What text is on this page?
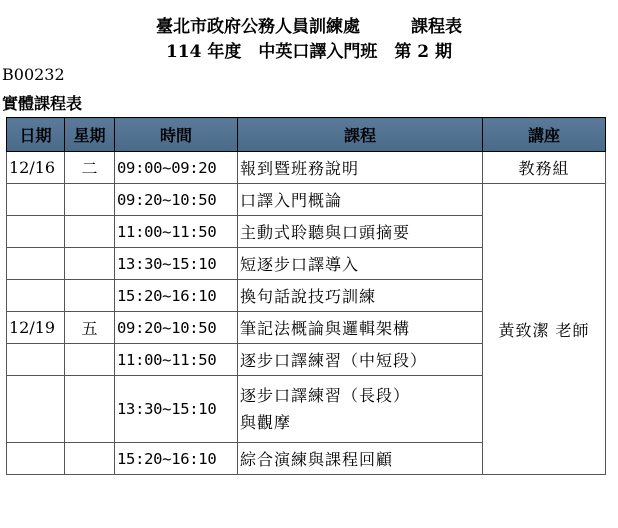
臺北市政府公務人員訓練處　　　課程表
114 年度　中英口譯入門班　第 2 期
B00232
實體課程表
日期	星期	時間	課程	講座
12/16	二	09:00~09:20	報到暨班務說明	教務組
		09:20~10:50	口譯入門概論	黃致潔 老師

		11:00~11:50	主動式聆聽與口頭摘要	
		13:30~15:10	短逐步口譯導入	
		15:20~16:10	換句話說技巧訓練	
12/19	五	09:20~10:50	筆記法概論與邏輯架構	
		11:00~11:50	逐步口譯練習（中短段）	
		13:30~15:10	逐步口譯練習（長段）
與觀摩	

		15:20~16:10	綜合演練與課程回顧	
